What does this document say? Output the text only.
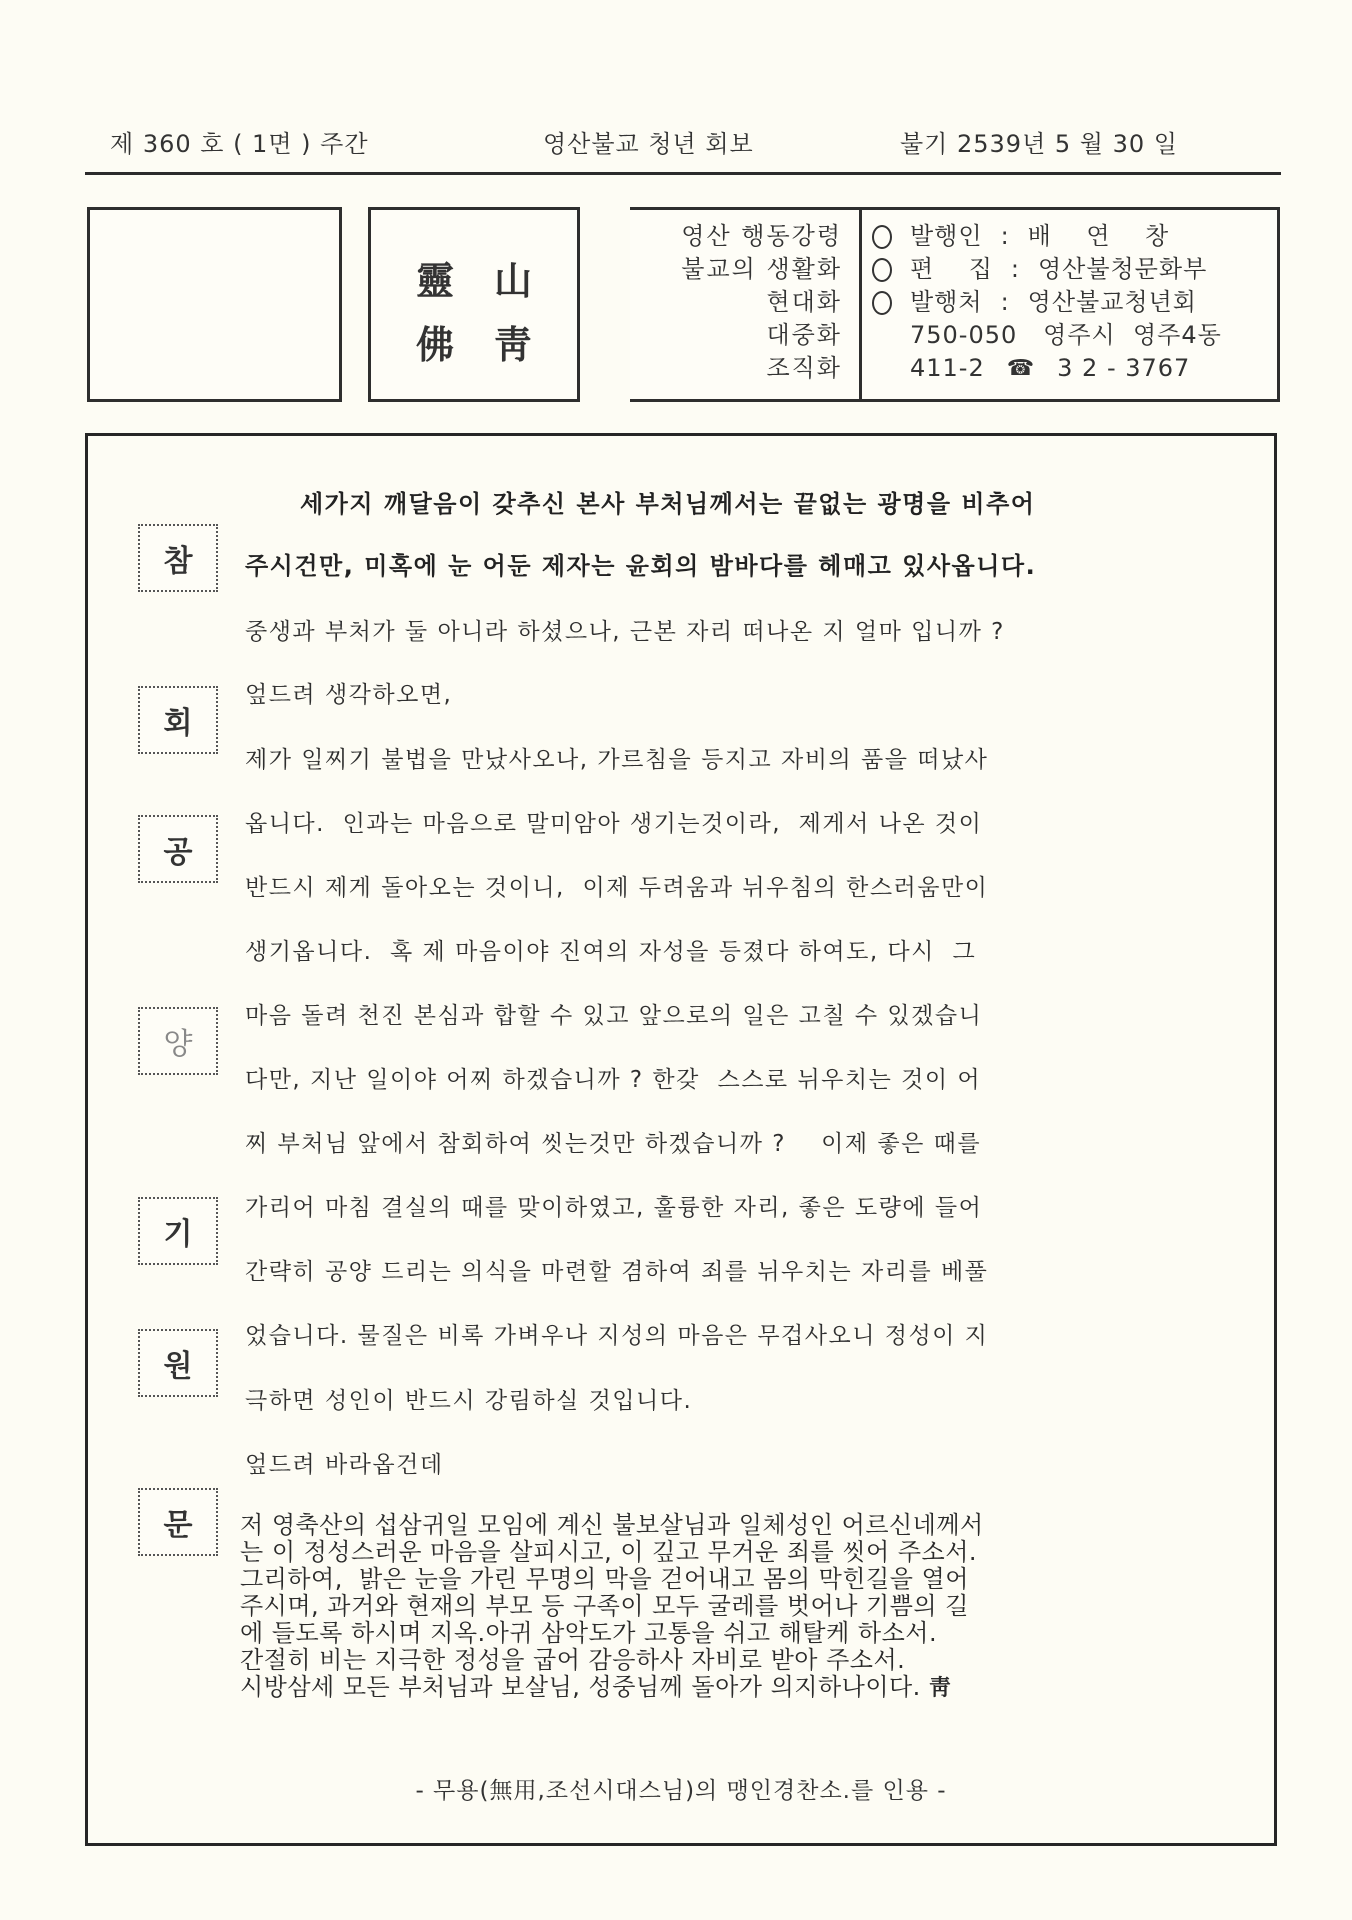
제 360 호 ( 1면 ) 주간	영산불교 청년 회보	불기 2539년 5 월 30 일
靈 山
佛 靑
영산 행동강령
불교의 생활화
현대화
대중화
조직화
발행인 : 배    연    창
편    집 : 영산불청문화부
발행처 : 영산불교청년회
750-050   영주시  영주4동
411-2 ☎ 3 2 - 3767
참
회
공
양
기
원
문
세가지 깨달음이 갖추신 본사 부처님께서는 끝없는 광명을 비추어
주시건만, 미혹에 눈 어둔 제자는 윤회의 밤바다를 헤매고 있사옵니다.
중생과 부처가 둘 아니라 하셨으나, 근본 자리 떠나온 지 얼마 입니까 ?
엎드려 생각하오면,
제가 일찌기 불법을 만났사오나, 가르침을 등지고 자비의 품을 떠났사
옵니다.  인과는 마음으로 말미암아 생기는것이라,  제게서 나온 것이
반드시 제게 돌아오는 것이니,  이제 두려움과 뉘우침의 한스러움만이
생기옵니다.  혹 제 마음이야 진여의 자성을 등졌다 하여도, 다시  그
마음 돌려 천진 본심과 합할 수 있고 앞으로의 일은 고칠 수 있겠습니
다만, 지난 일이야 어찌 하겠습니까 ? 한갖  스스로 뉘우치는 것이 어
찌 부처님 앞에서 참회하여 씻는것만 하겠습니까 ?    이제 좋은 때를
가리어 마침 결실의 때를 맞이하였고, 훌륭한 자리, 좋은 도량에 들어
간략히 공양 드리는 의식을 마련할 겸하여 죄를 뉘우치는 자리를 베풀
었습니다. 물질은 비록 가벼우나 지성의 마음은 무겁사오니 정성이 지
극하면 성인이 반드시 강림하실 것입니다.
엎드려 바라옵건데
저 영축산의 섭삼귀일 모임에 계신 불보살님과 일체성인 어르신네께서
는 이 정성스러운 마음을 살피시고, 이 깊고 무거운 죄를 씻어 주소서.
그리하여,  밝은 눈을 가린 무명의 막을 걷어내고 몸의 막힌길을 열어
주시며, 과거와 현재의 부모 등 구족이 모두 굴레를 벗어나 기쁨의 길
에 들도록 하시며 지옥.아귀 삼악도가 고통을 쉬고 해탈케 하소서.
간절히 비는 지극한 정성을 굽어 감응하사 자비로 받아 주소서.
시방삼세 모든 부처님과 보살님, 성중님께 돌아가 의지하나이다. 靑
- 무용(無用,조선시대스님)의 맹인경찬소.를 인용 -
